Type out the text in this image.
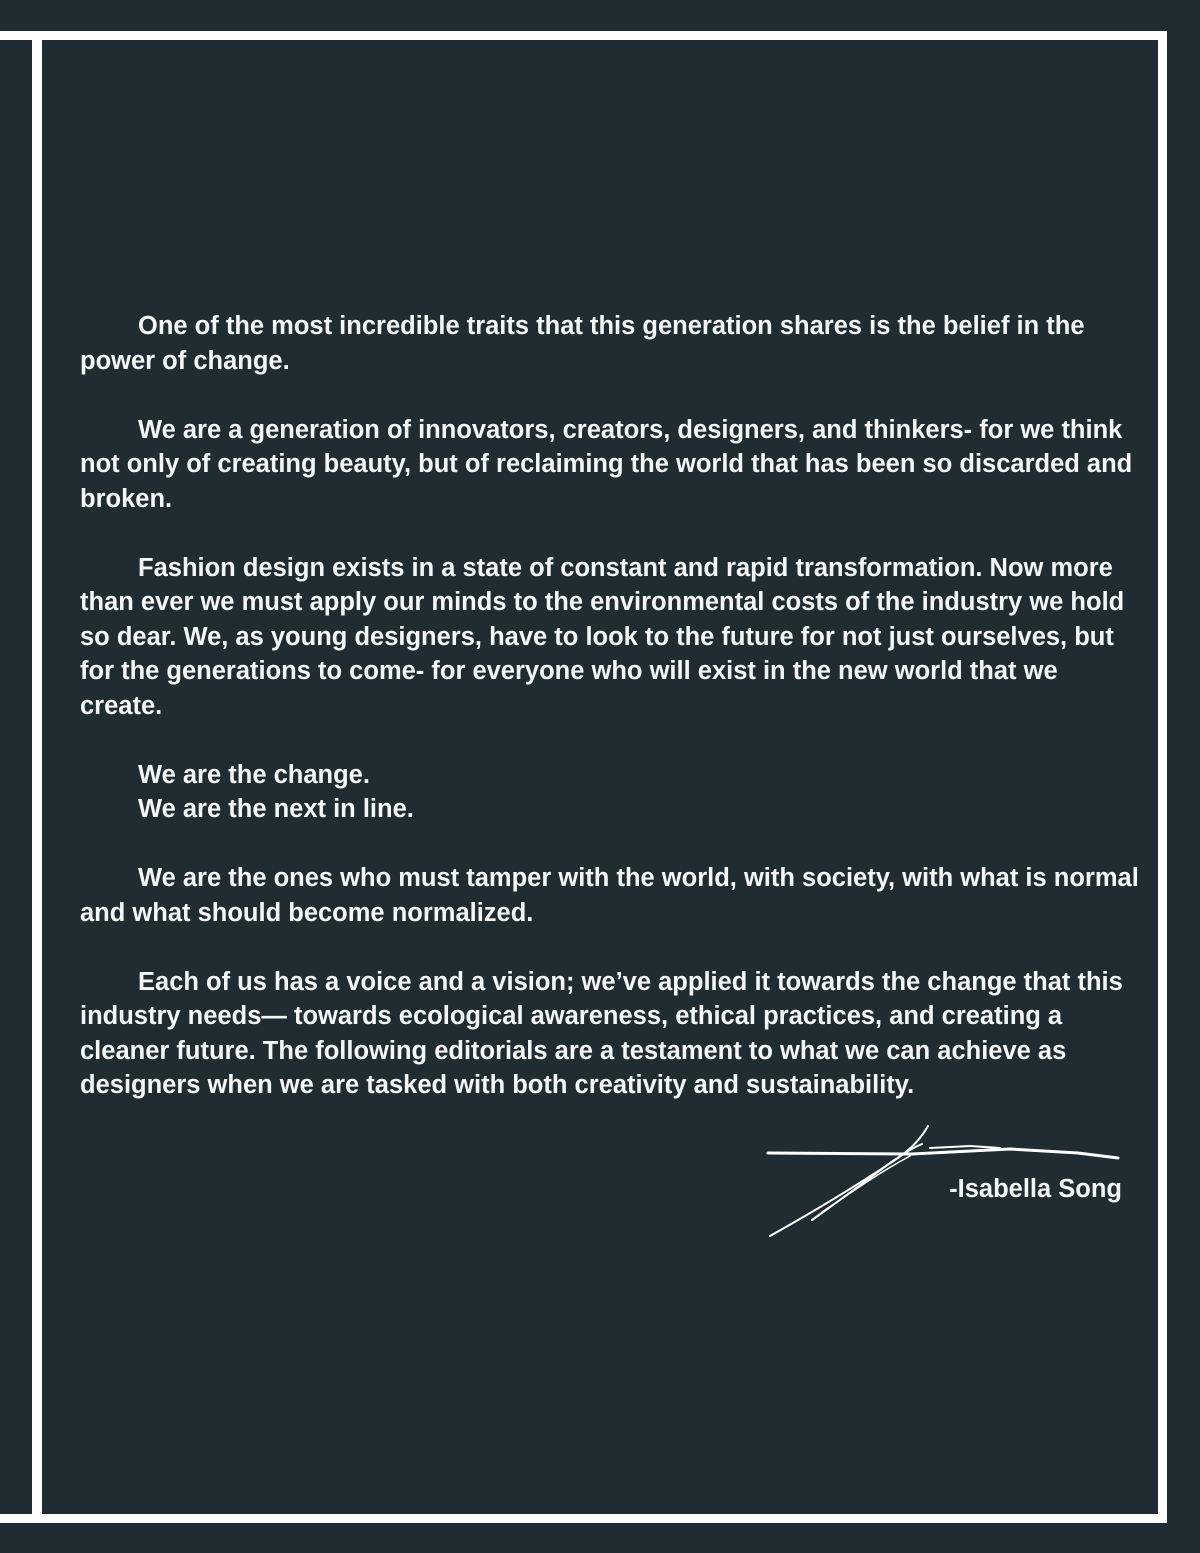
One of the most incredible traits that this generation shares is the belief in the power of change.

We are a generation of innovators, creators, designers, and thinkers- for we think not only of creating beauty, but of reclaiming the world that has been so discarded and broken.

Fashion design exists in a state of constant and rapid transformation. Now more than ever we must apply our minds to the environmental costs of the industry we hold so dear. We, as young designers, have to look to the future for not just ourselves, but for the generations to come- for everyone who will exist in the new world that we create.

We are the change.
We are the next in line.

We are the ones who must tamper with the world, with society, with what is normal and what should become normalized.

Each of us has a voice and a vision; we’ve applied it towards the change that this industry needs— towards ecological awareness, ethical practices, and creating a cleaner future. The following editorials are a testament to what we can achieve as designers when we are tasked with both creativity and sustainability.

-Isabella Song
